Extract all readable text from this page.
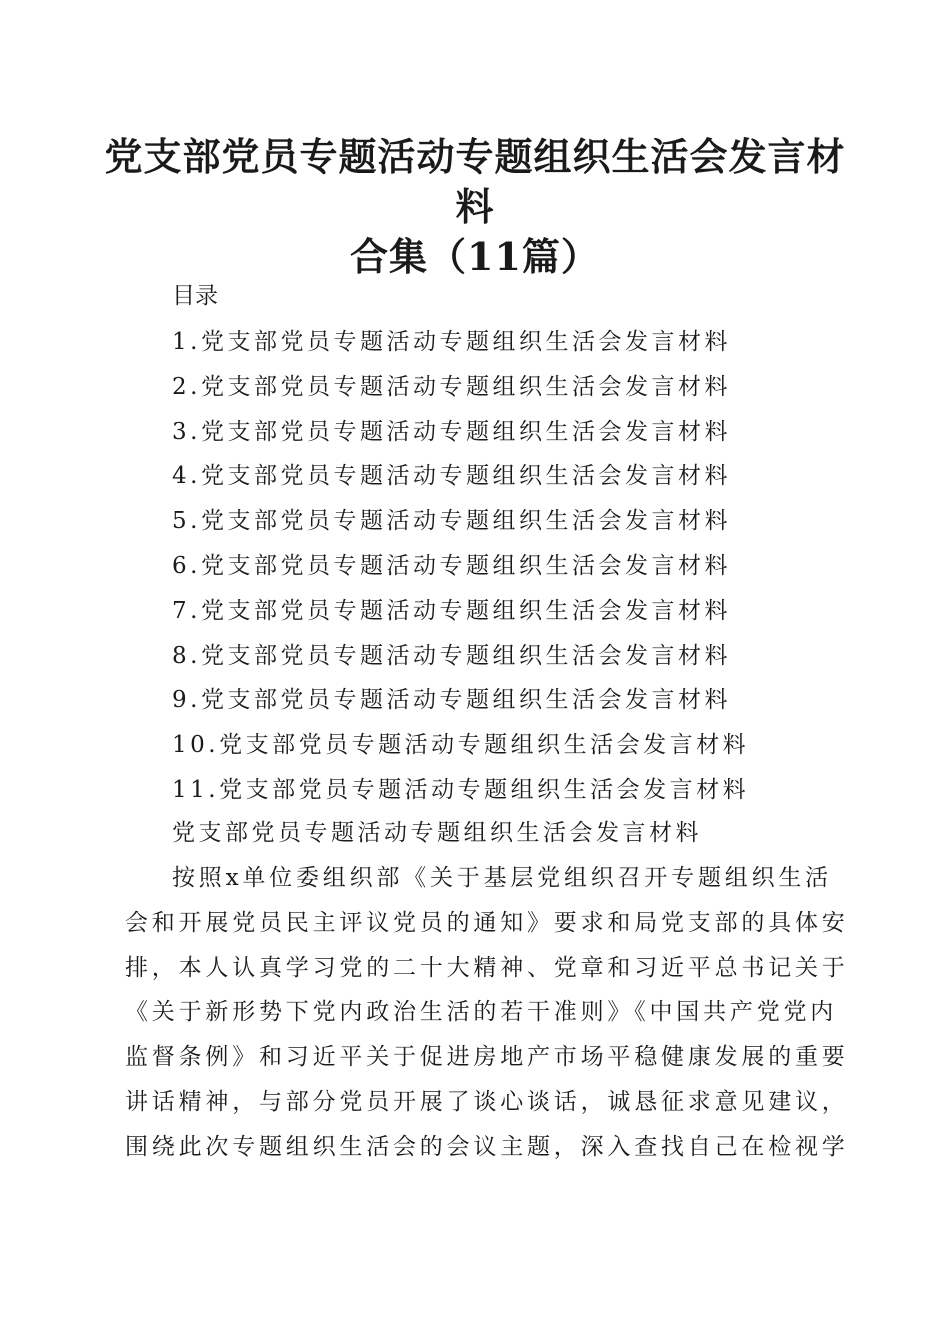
党支部党员专题活动专题组织生活会发言材料
合集（11篇）
目录
1.党支部党员专题活动专题组织生活会发言材料
2.党支部党员专题活动专题组织生活会发言材料
3.党支部党员专题活动专题组织生活会发言材料
4.党支部党员专题活动专题组织生活会发言材料
5.党支部党员专题活动专题组织生活会发言材料
6.党支部党员专题活动专题组织生活会发言材料
7.党支部党员专题活动专题组织生活会发言材料
8.党支部党员专题活动专题组织生活会发言材料
9.党支部党员专题活动专题组织生活会发言材料
10.党支部党员专题活动专题组织生活会发言材料
11.党支部党员专题活动专题组织生活会发言材料
党支部党员专题活动专题组织生活会发言材料
按照x单位委组织部《关于基层党组织召开专题组织生活
会和开展党员民主评议党员的通知》要求和局党支部的具体安
排，本人认真学习党的二十大精神、党章和习近平总书记关于
《关于新形势下党内政治生活的若干准则》《中国共产党党内
监督条例》和习近平关于促进房地产市场平稳健康发展的重要
讲话精神，与部分党员开展了谈心谈话，诚恳征求意见建议，
围绕此次专题组织生活会的会议主题，深入查找自己在检视学
